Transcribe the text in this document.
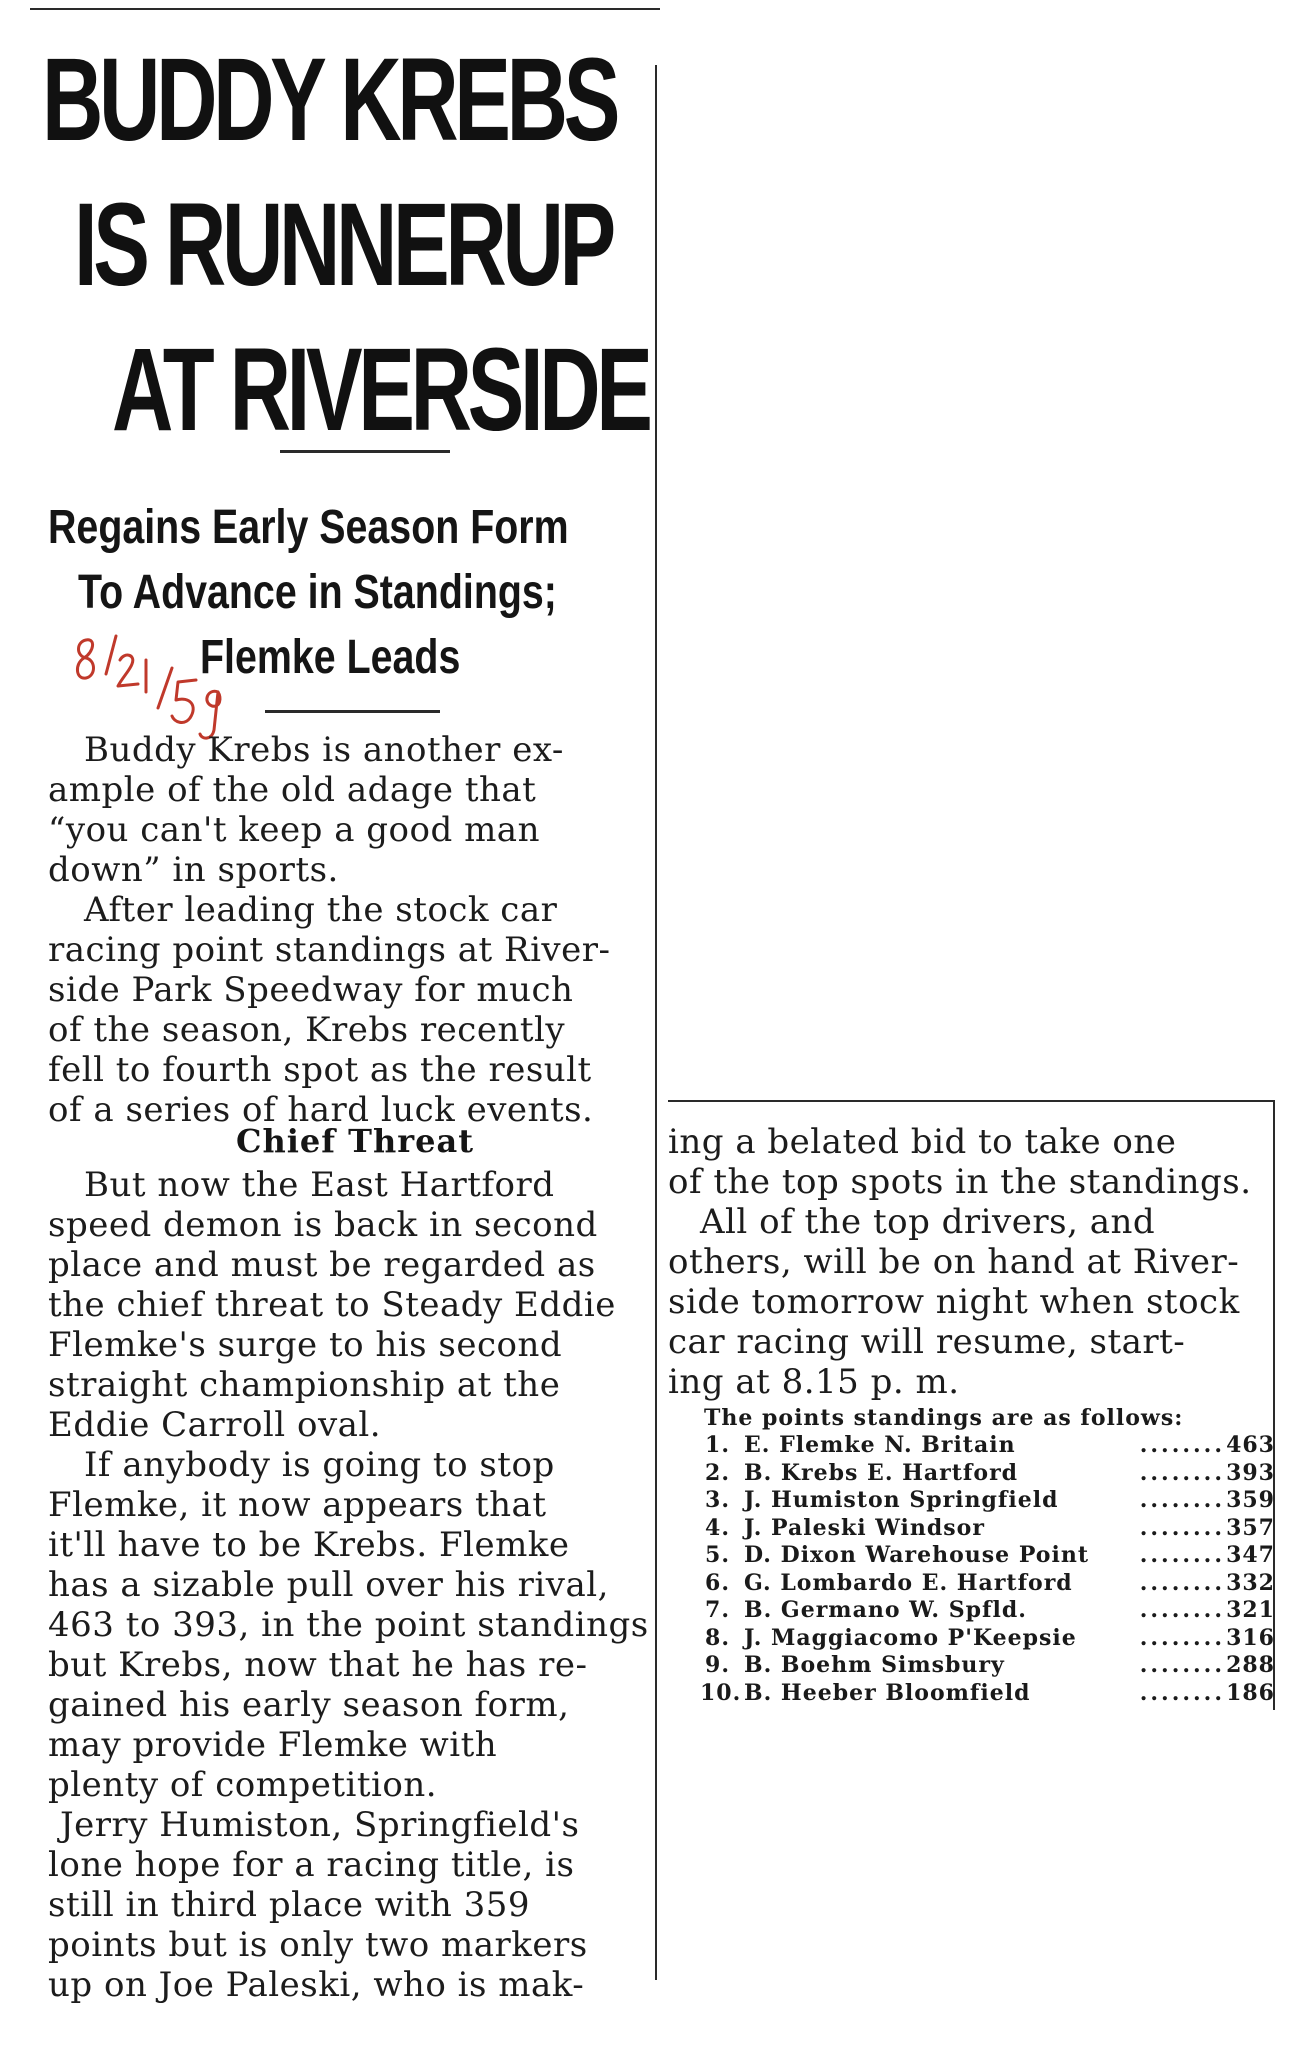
BUDDY KREBS
IS RUNNERUP
AT RIVERSIDE
Regains Early Season Form
To Advance in Standings;
Flemke Leads
Buddy Krebs is another ex-
ample of the old adage that
“you can't keep a good man
down” in sports.
After leading the stock car
racing point standings at River-
side Park Speedway for much
of the season, Krebs recently
fell to fourth spot as the result
of a series of hard luck events.
But now the East Hartford
speed demon is back in second
place and must be regarded as
the chief threat to Steady Eddie
Flemke's surge to his second
straight championship at the
Eddie Carroll oval.
If anybody is going to stop
Flemke, it now appears that
it'll have to be Krebs. Flemke
has a sizable pull over his rival,
463 to 393, in the point standings
but Krebs, now that he has re-
gained his early season form,
may provide Flemke with
plenty of competition.
Jerry Humiston, Springfield's
lone hope for a racing title, is
still in third place with 359
points but is only two markers
up on Joe Paleski, who is mak-
Chief Threat	ing a belated bid to take one
of the top spots in the standings.
All of the top drivers, and
others, will be on hand at River-
side tomorrow night when stock
car racing will resume, start-
ing at 8.15 p. m.
The points standings are as follows:
1. E. Flemke N. Britain	........ 463
2. B. Krebs E. Hartford	........ 393
3. J. Humiston Springfield	........ 359
4. J. Paleski Windsor	........ 357
5. D. Dixon Warehouse Point ........ 347
6. G. Lombardo E. Hartford	........ 332
7. B. Germano W. Spfld.	........ 321
8. J. Maggiacomo P'Keepsie	........ 316
9. B. Boehm Simsbury	........ 288
10. B. Heeber Bloomfield	........ 186
